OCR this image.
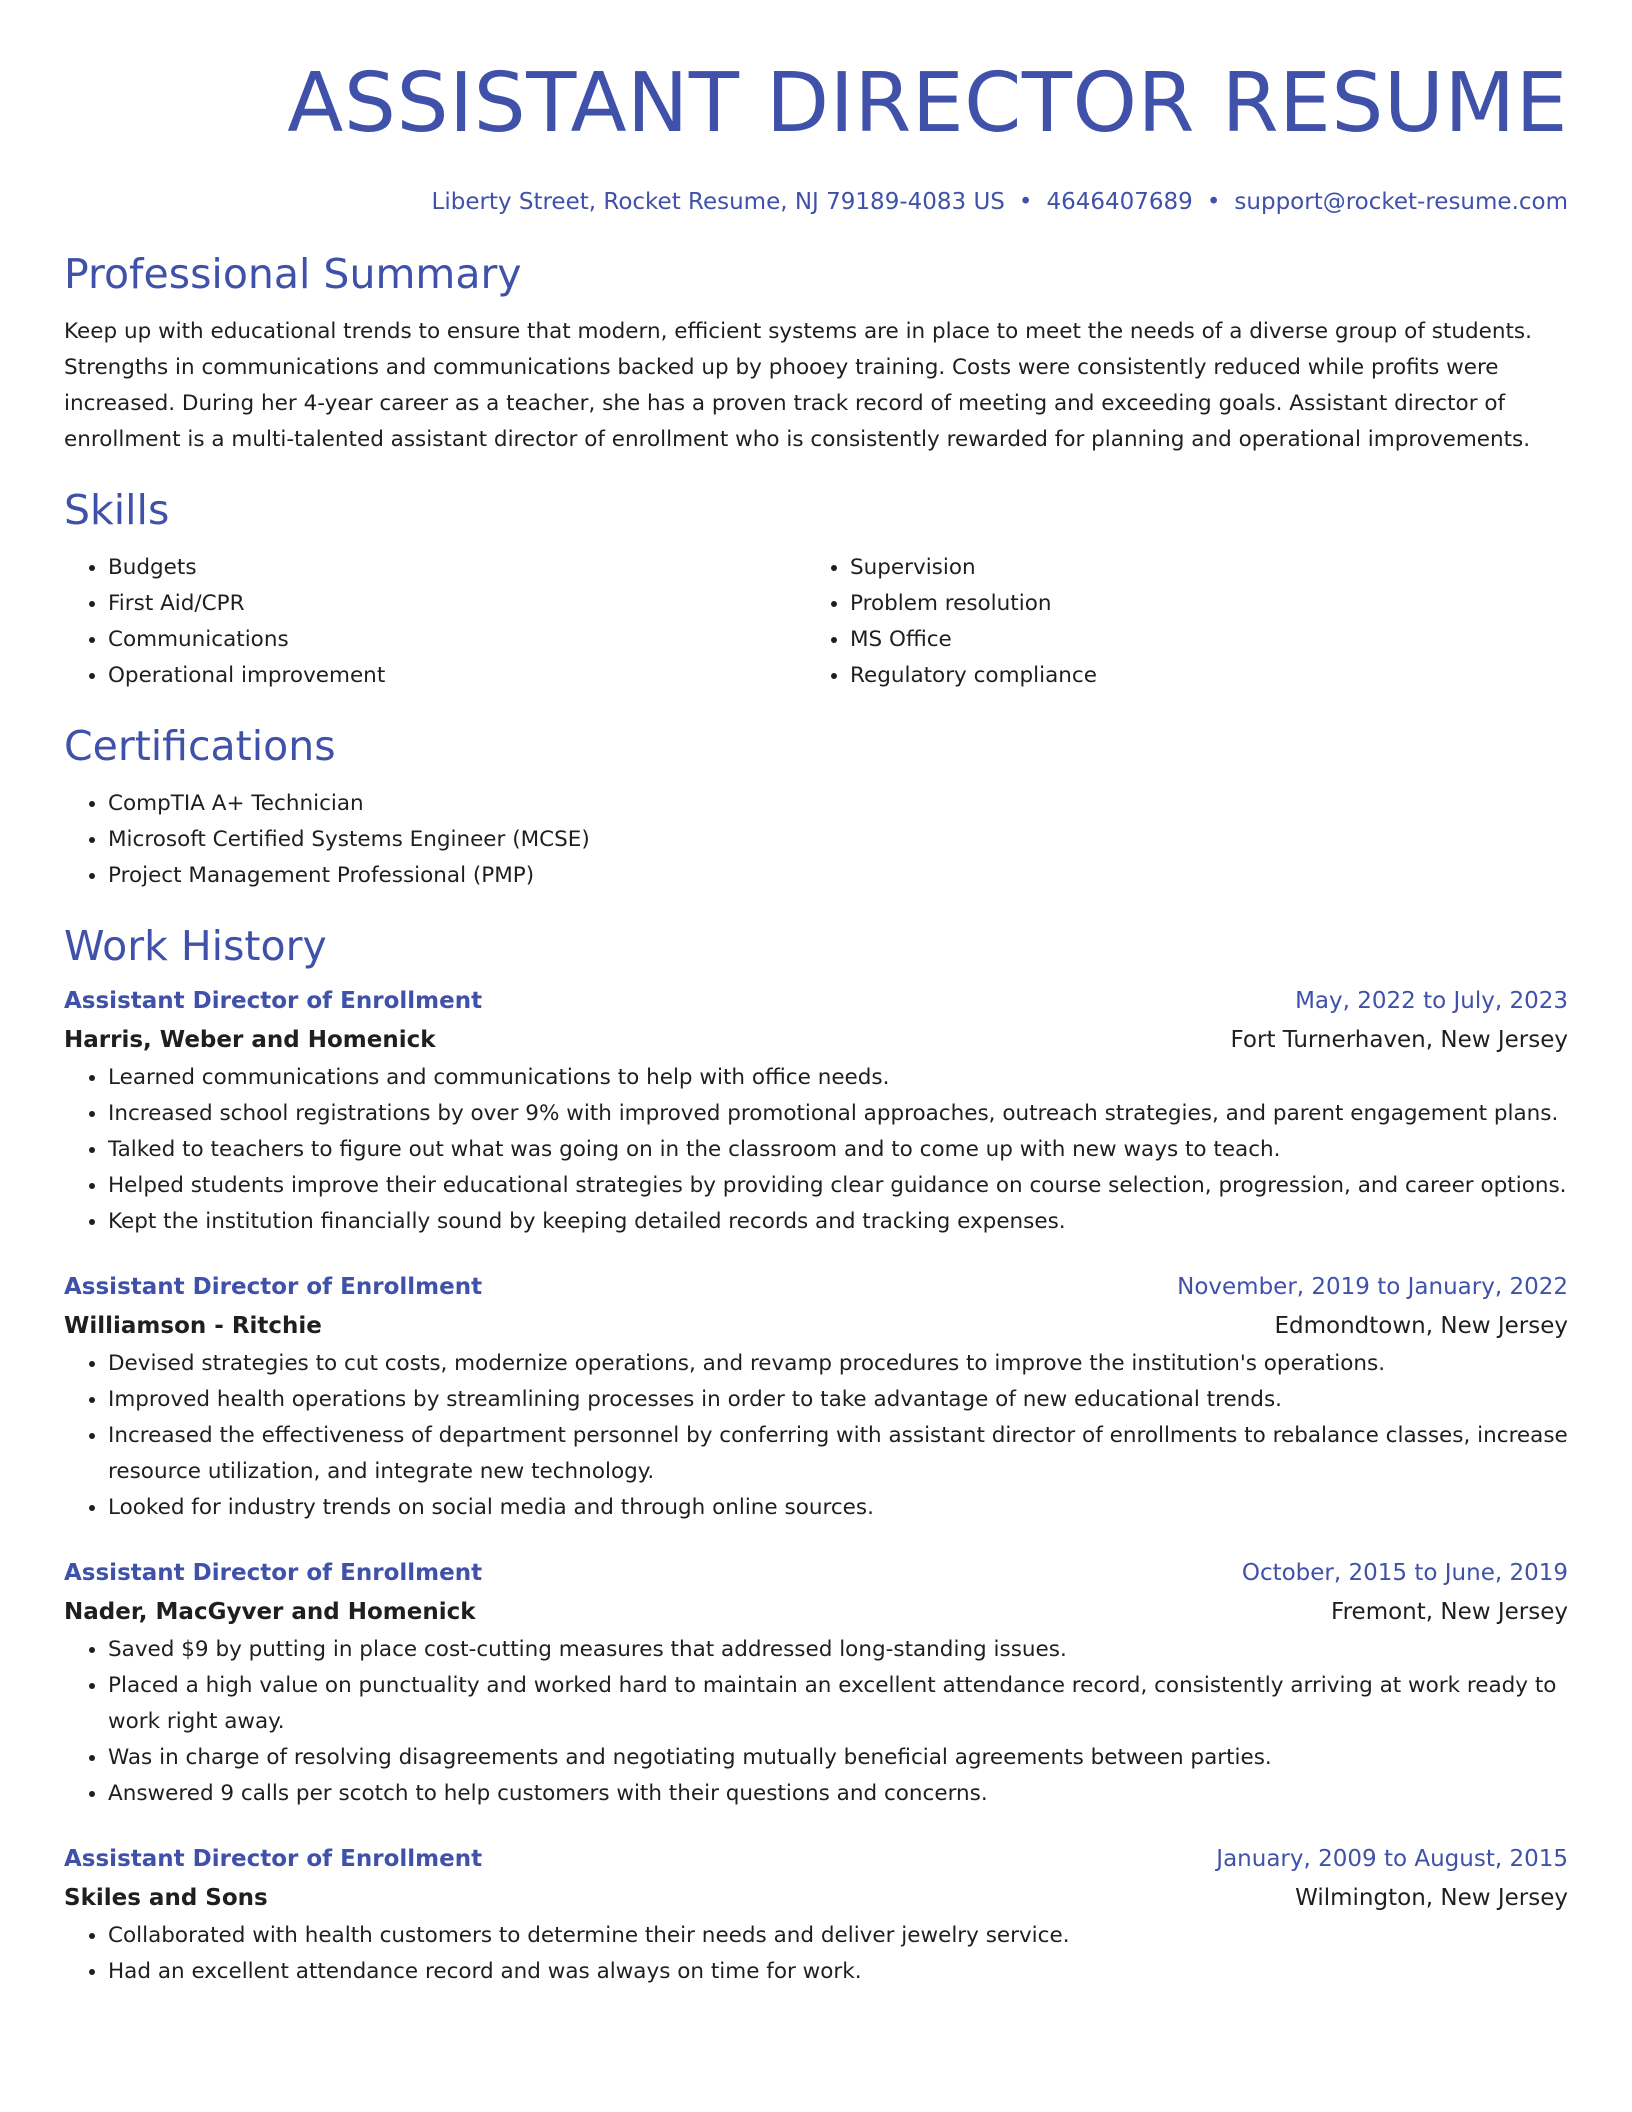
ASSISTANT DIRECTOR RESUME
Liberty Street, Rocket Resume, NJ 79189-4083 US • 4646407689 • support@rocket-resume.com
Professional Summary

Keep up with educational trends to ensure that modern, efficient systems are in place to meet the needs of a diverse group of students. Strengths in communications and communications backed up by phooey training. Costs were consistently reduced while profits were increased. During her 4-year career as a teacher, she has a proven track record of meeting and exceeding goals. Assistant director of enrollment is a multi-talented assistant director of enrollment who is consistently rewarded for planning and operational improvements.

Skills
• Budgets
• First Aid/CPR
• Communications
• Operational improvement
• Supervision
• Problem resolution
• MS Office
• Regulatory compliance
Certifications
• CompTIA A+ Technician
• Microsoft Certified Systems Engineer (MCSE)
• Project Management Professional (PMP)
Work History
Assistant Director of Enrollment	May, 2022 to July, 2023
Harris, Weber and Homenick	Fort Turnerhaven, New Jersey
• Learned communications and communications to help with office needs.
• Increased school registrations by over 9% with improved promotional approaches, outreach strategies, and parent engagement plans.
• Talked to teachers to figure out what was going on in the classroom and to come up with new ways to teach.
• Helped students improve their educational strategies by providing clear guidance on course selection, progression, and career options.
• Kept the institution financially sound by keeping detailed records and tracking expenses.
Assistant Director of Enrollment	November, 2019 to January, 2022
Williamson - Ritchie	Edmondtown, New Jersey
• Devised strategies to cut costs, modernize operations, and revamp procedures to improve the institution's operations.
• Improved health operations by streamlining processes in order to take advantage of new educational trends.
• Increased the effectiveness of department personnel by conferring with assistant director of enrollments to rebalance classes, increase resource utilization, and integrate new technology.
• Looked for industry trends on social media and through online sources.
Assistant Director of Enrollment	October, 2015 to June, 2019
Nader, MacGyver and Homenick	Fremont, New Jersey
• Saved $9 by putting in place cost-cutting measures that addressed long-standing issues.
• Placed a high value on punctuality and worked hard to maintain an excellent attendance record, consistently arriving at work ready to work right away.
• Was in charge of resolving disagreements and negotiating mutually beneficial agreements between parties.
• Answered 9 calls per scotch to help customers with their questions and concerns.
Assistant Director of Enrollment	January, 2009 to August, 2015
Skiles and Sons	Wilmington, New Jersey
• Collaborated with health customers to determine their needs and deliver jewelry service.
• Had an excellent attendance record and was always on time for work.
